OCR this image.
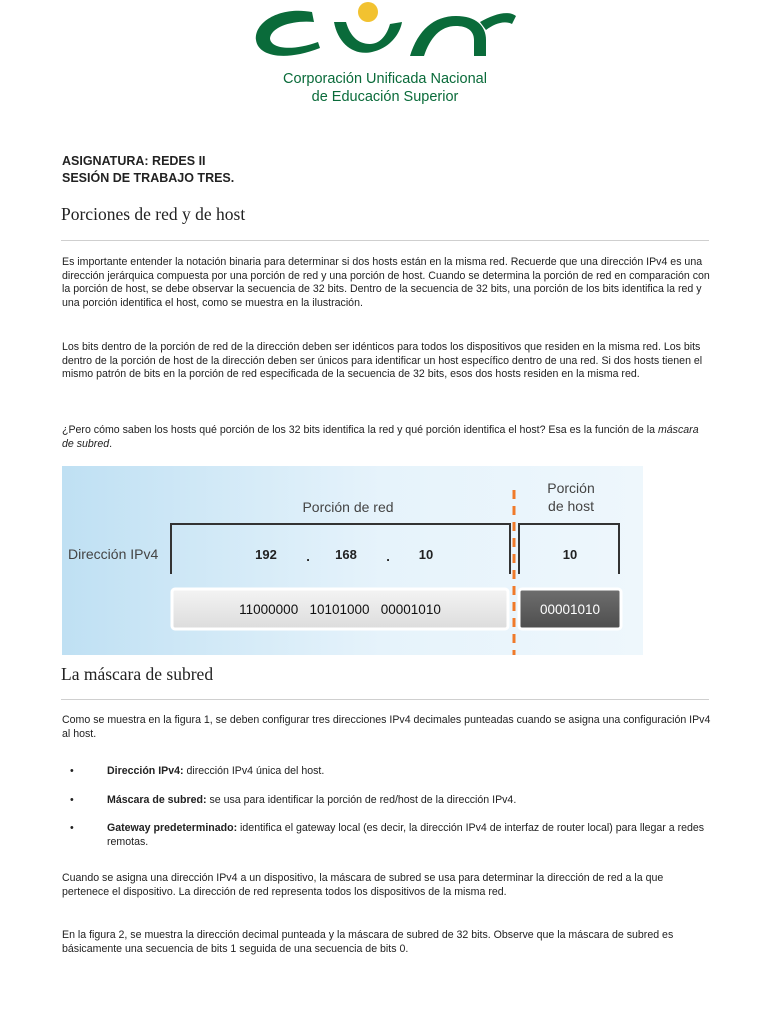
Corporación Unificada Nacional
de Educación Superior
ASIGNATURA: REDES II
SESIÓN DE TRABAJO TRES.
Porciones de red y de host
Es importante entender la notación binaria para determinar si dos hosts están en la misma red. Recuerde que una dirección IPv4 es una dirección jerárquica compuesta por una porción de red y una porción de host. Cuando se determina la porción de red en comparación con la porción de host, se debe observar la secuencia de 32 bits. Dentro de la secuencia de 32 bits, una porción de los bits identifica la red y una porción identifica el host, como se muestra en la ilustración.
Los bits dentro de la porción de red de la dirección deben ser idénticos para todos los dispositivos que residen en la misma red. Los bits dentro de la porción de host de la dirección deben ser únicos para identificar un host específico dentro de una red. Si dos hosts tienen el mismo patrón de bits en la porción de red especificada de la secuencia de 32 bits, esos dos hosts residen en la misma red.
¿Pero cómo saben los hosts qué porción de los 32 bits identifica la red y qué porción identifica el host? Esa es la función de la máscara de subred.
Porción de red
Porción
de host
Dirección IPv4	192 . 168 . 10	10
11000000   10101000   00001010	00001010
La máscara de subred
Como se muestra en la figura 1, se deben configurar tres direcciones IPv4 decimales punteadas cuando se asigna una configuración IPv4 al host.
•	Dirección IPv4: dirección IPv4 única del host.
•	Máscara de subred: se usa para identificar la porción de red/host de la dirección IPv4.
•	Gateway predeterminado: identifica el gateway local (es decir, la dirección IPv4 de interfaz de router local) para llegar a redes remotas.
Cuando se asigna una dirección IPv4 a un dispositivo, la máscara de subred se usa para determinar la dirección de red a la que pertenece el dispositivo. La dirección de red representa todos los dispositivos de la misma red.
En la figura 2, se muestra la dirección decimal punteada y la máscara de subred de 32 bits. Observe que la máscara de subred es básicamente una secuencia de bits 1 seguida de una secuencia de bits 0.
